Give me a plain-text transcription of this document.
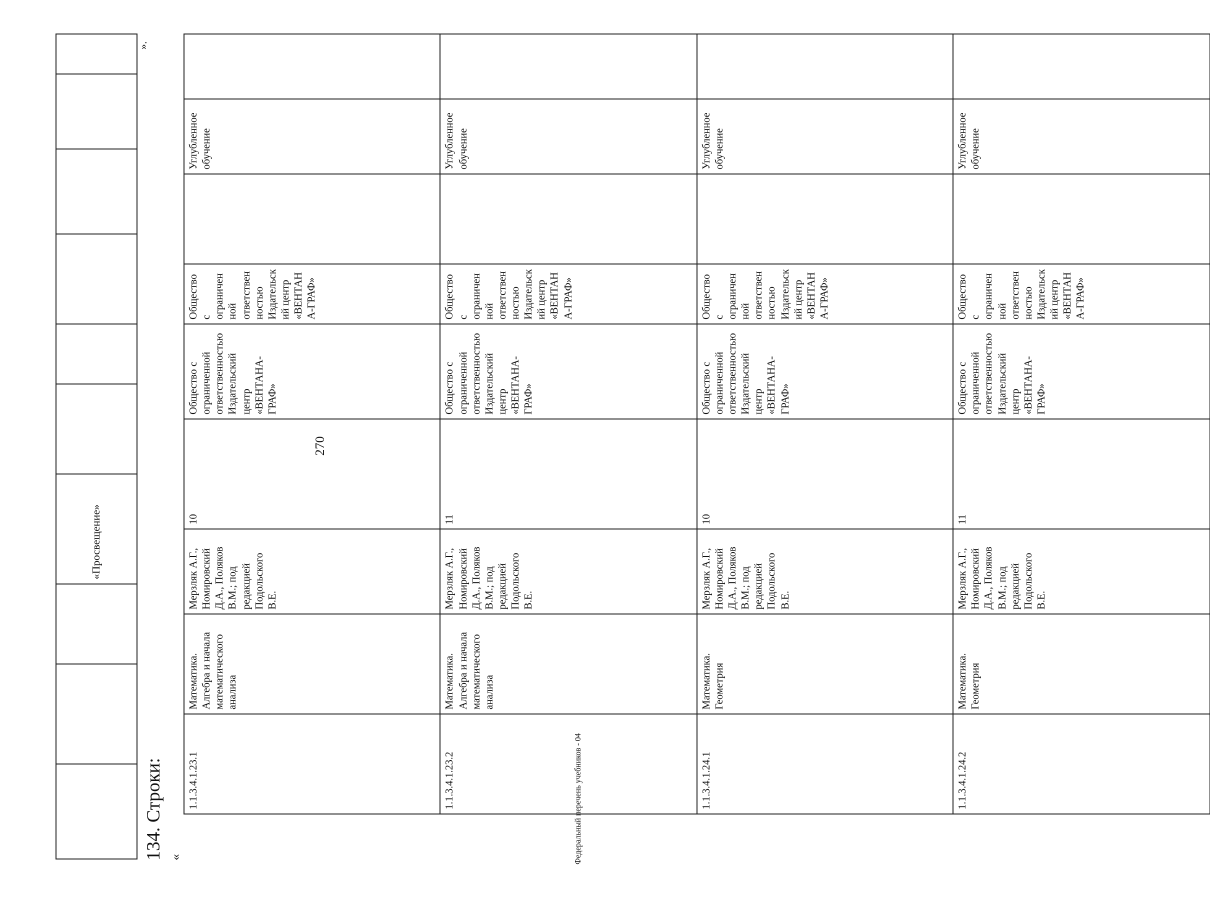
270
Федеральный перечень учебников - 04
			«Просвещение»						
».
134. Строки: «
1.1.3.4.1.23.1	Математика. Алгебра и начала математического анализа	Мерзляк А.Г., Номировский Д.А., Поляков В.М.; под редакцией Подольского В.Е.	10	Общество с ограниченной ответственностью Издательский центр «ВЕНТАНА-ГРАФ»	Общество с ограниченной ответственностью Издательский центр «ВЕНТАНА-ГРАФ»		Углубленное обучение		
1.1.3.4.1.23.2	Математика. Алгебра и начала математического анализа	Мерзляк А.Г., Номировский Д.А., Поляков В.М.; под редакцией Подольского В.Е.	11	Общество с ограниченной ответственностью Издательский центр «ВЕНТАНА-ГРАФ»	Общество с ограниченной ответственностью Издательский центр «ВЕНТАНА-ГРАФ»		Углубленное обучение		
1.1.3.4.1.24.1	Математика. Геометрия	Мерзляк А.Г., Номировский Д.А., Поляков В.М.; под редакцией Подольского В.Е.	10	Общество с ограниченной ответственностью Издательский центр «ВЕНТАНА-ГРАФ»	Общество с ограниченной ответственностью Издательский центр «ВЕНТАНА-ГРАФ»		Углубленное обучение		
1.1.3.4.1.24.2	Математика. Геометрия	Мерзляк А.Г., Номировский Д.А., Поляков В.М.; под редакцией Подольского В.Е.	11	Общество с ограниченной ответственностью Издательский центр «ВЕНТАНА-ГРАФ»	Общество с ограниченной ответственностью Издательский центр «ВЕНТАНА-ГРАФ»		Углубленное обучение		
